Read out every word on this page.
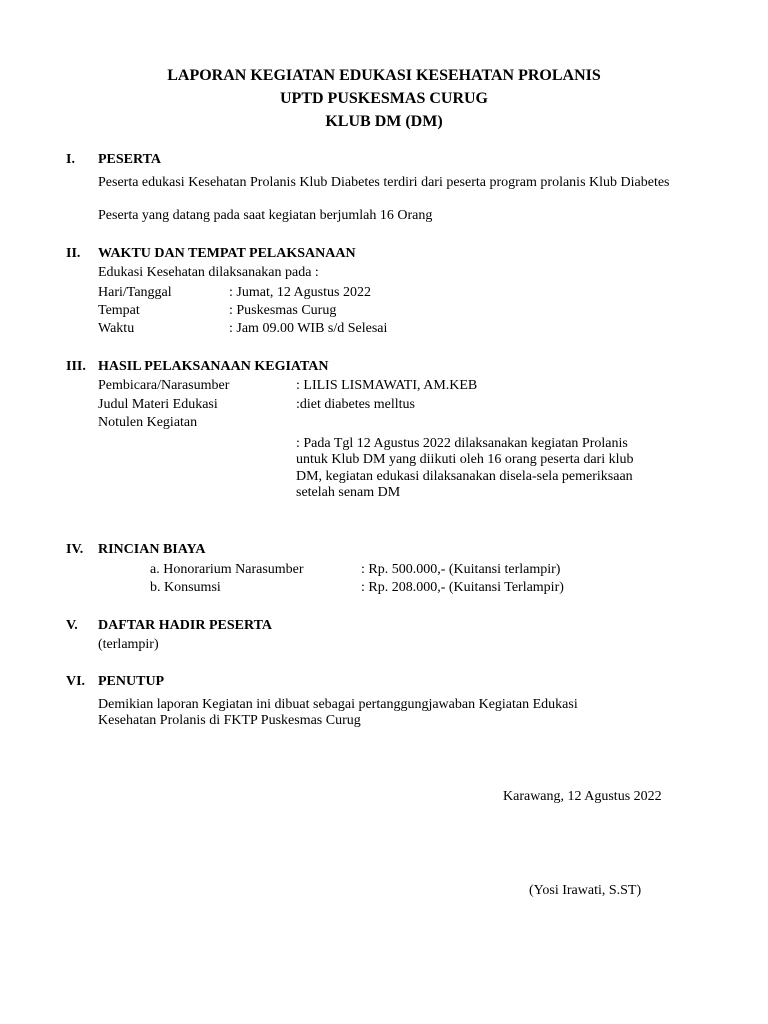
LAPORAN KEGIATAN EDUKASI KESEHATAN PROLANIS
UPTD PUSKESMAS CURUG
KLUB DM (DM)
I. PESERTA
Peserta edukasi Kesehatan Prolanis Klub Diabetes terdiri dari peserta program prolanis Klub Diabetes
Peserta yang datang pada saat kegiatan berjumlah 16 Orang
II. WAKTU DAN TEMPAT PELAKSANAAN
Edukasi Kesehatan dilaksanakan pada :
Hari/Tanggal	: Jumat, 12 Agustus 2022
Tempat	: Puskesmas Curug
Waktu	: Jam 09.00 WIB s/d Selesai
III. HASIL PELAKSANAAN KEGIATAN
Pembicara/Narasumber	: LILIS LISMAWATI, AM.KEB
Judul Materi Edukasi	:diet diabetes melltus
Notulen Kegiatan
: Pada Tgl 12 Agustus 2022 dilaksanakan kegiatan Prolanis
untuk Klub DM yang diikuti oleh 16 orang peserta dari klub
DM, kegiatan edukasi dilaksanakan disela-sela pemeriksaan
setelah senam DM
IV. RINCIAN BIAYA
a. Honorarium Narasumber	: Rp. 500.000,- (Kuitansi terlampir)
b. Konsumsi	: Rp. 208.000,- (Kuitansi Terlampir)
V. DAFTAR HADIR PESERTA
(terlampir)
VI. PENUTUP
Demikian laporan Kegiatan ini dibuat sebagai pertanggungjawaban Kegiatan Edukasi
Kesehatan Prolanis di FKTP Puskesmas Curug
Karawang, 12 Agustus 2022
(Yosi Irawati, S.ST)
